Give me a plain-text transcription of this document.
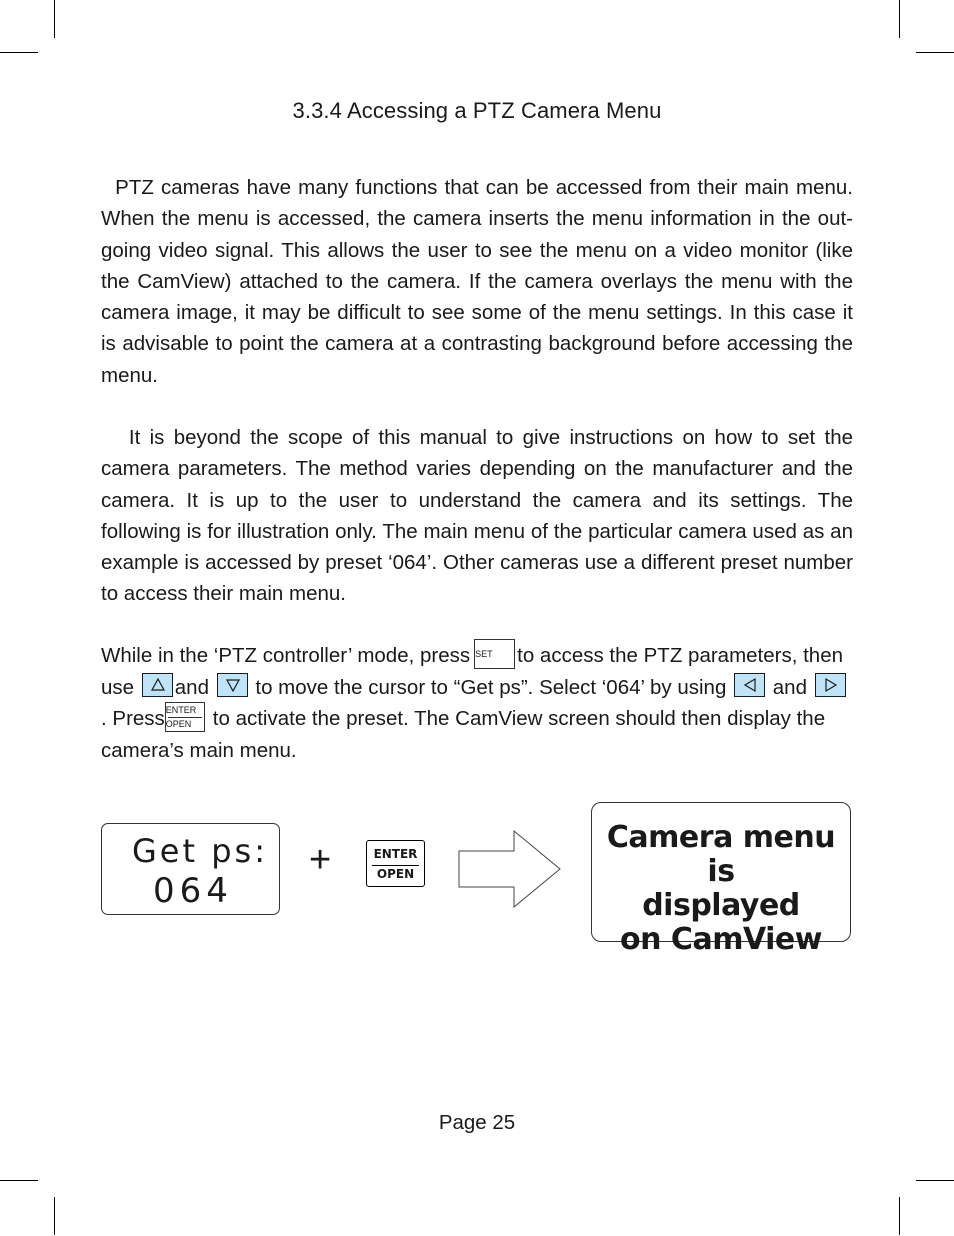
3.3.4 Accessing a PTZ Camera Menu

PTZ cameras have many functions that can be accessed from their main menu. When the menu is accessed, the camera inserts the menu information in the out-going video signal. This allows the user to see the menu on a video monitor (like the CamView) attached to the camera. If the camera overlays the menu with the camera image, it may be difficult to see some of the menu settings. In this case it is advisable to point the camera at a contrasting background before accessing the menu.

It is beyond the scope of this manual to give instructions on how to set the camera parameters. The method varies depending on the manufacturer and the camera. It is up to the user to understand the camera and its settings. The following is for illustration only. The main menu of the particular camera used as an example is accessed by preset ‘064’. Other cameras use a different preset number to access their main menu.

While in the ‘PTZ controller’ mode, press SET to access the PTZ parameters, then use and to move the cursor to “Get ps”. Select ‘064’ by using and
. PressENTER
OPEN to activate the preset. The CamView screen should then display the camera’s main menu.

Get ps:
064
+	ENTER
OPEN
Camera menu is
displayed
on CamView
Page 25
